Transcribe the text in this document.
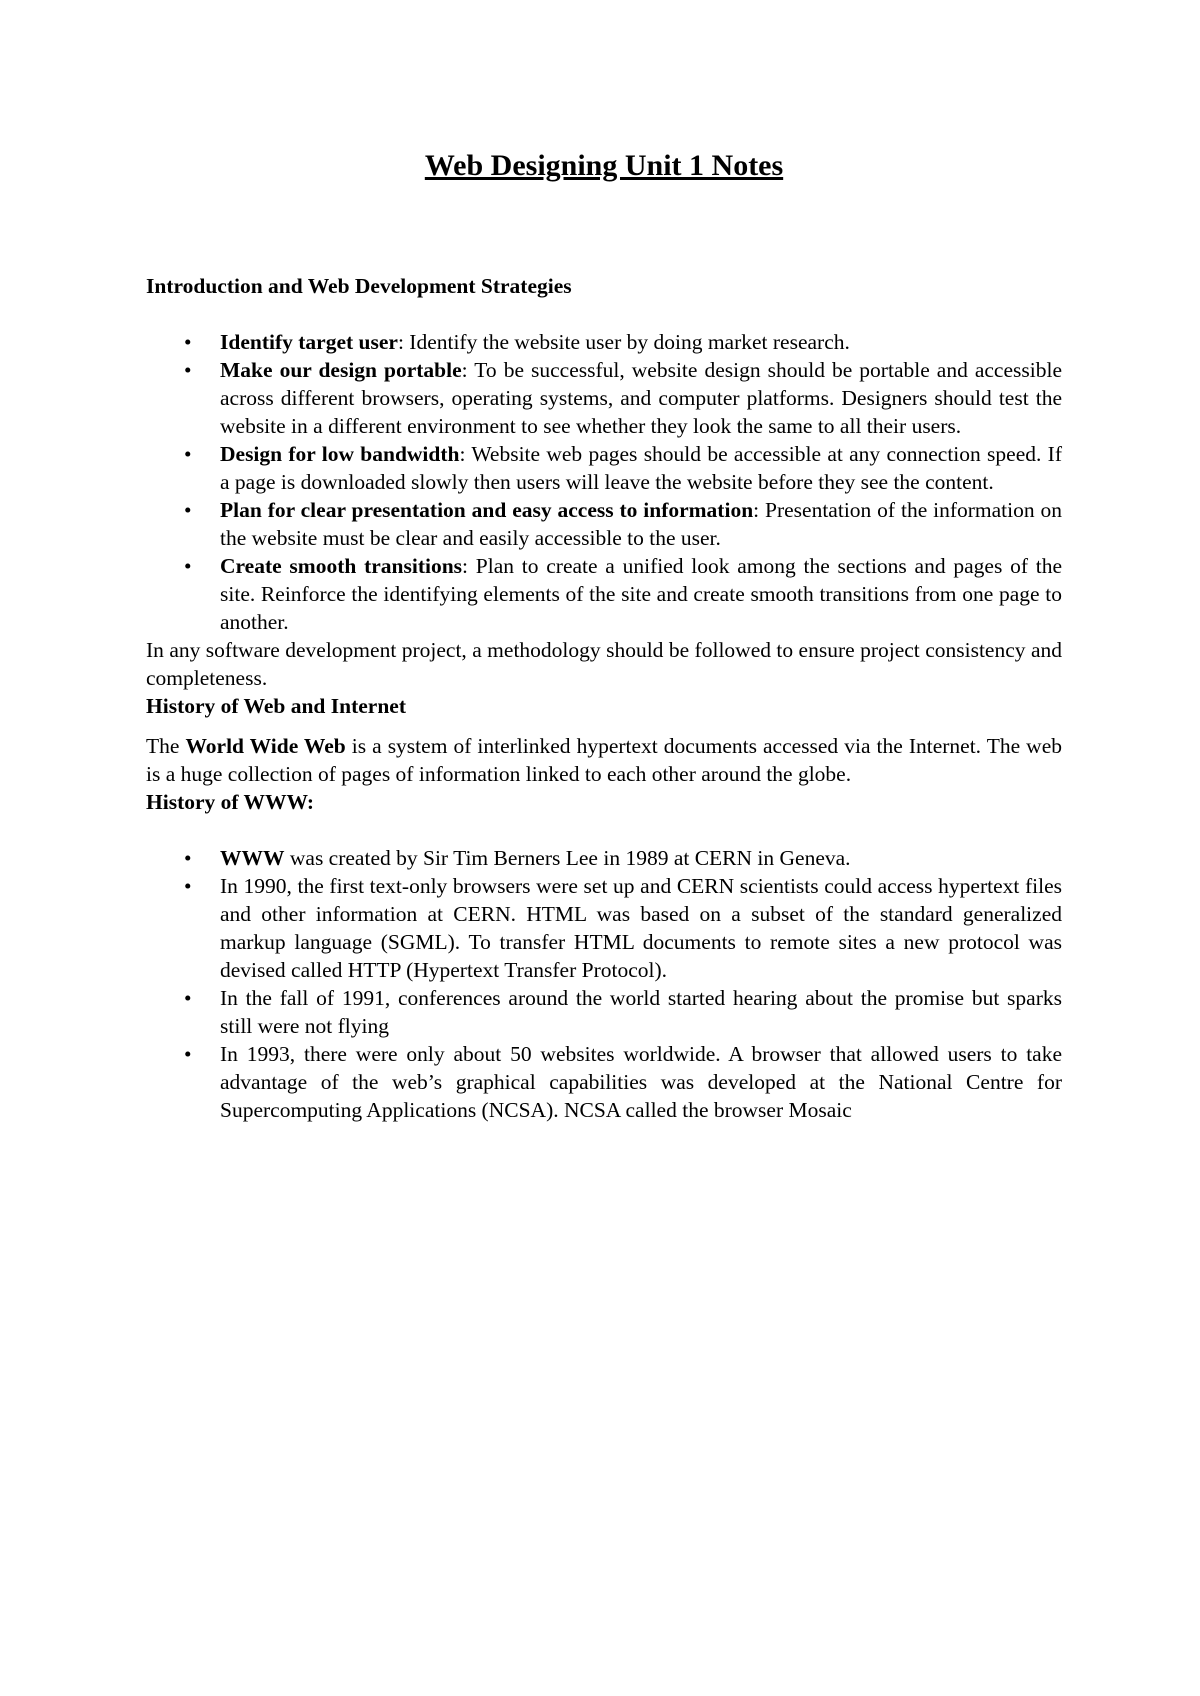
Web Designing Unit 1 Notes

Introduction and Web Development Strategies

• Identify target user: Identify the website user by doing market research.
• Make our design portable: To be successful, website design should be portable and accessible across different browsers, operating systems, and computer platforms. Designers should test the website in a different environment to see whether they look the same to all their users.
• Design for low bandwidth: Website web pages should be accessible at any connection speed. If a page is downloaded slowly then users will leave the website before they see the content.
• Plan for clear presentation and easy access to information: Presentation of the information on the website must be clear and easily accessible to the user.
• Create smooth transitions: Plan to create a unified look among the sections and pages of the site. Reinforce the identifying elements of the site and create smooth transitions from one page to another.

In any software development project, a methodology should be followed to ensure project consistency and completeness.

History of Web and Internet

The World Wide Web is a system of interlinked hypertext documents accessed via the Internet. The web is a huge collection of pages of information linked to each other around the globe.

History of WWW:

• WWW was created by Sir Tim Berners Lee in 1989 at CERN in Geneva.
• In 1990, the first text-only browsers were set up and CERN scientists could access hypertext files and other information at CERN. HTML was based on a subset of the standard generalized markup language (SGML). To transfer HTML documents to remote sites a new protocol was devised called HTTP (Hypertext Transfer Protocol).
• In the fall of 1991, conferences around the world started hearing about the promise but sparks still were not flying
• In 1993, there were only about 50 websites worldwide. A browser that allowed users to take advantage of the web’s graphical capabilities was developed at the National Centre for Supercomputing Applications (NCSA). NCSA called the browser Mosaic
